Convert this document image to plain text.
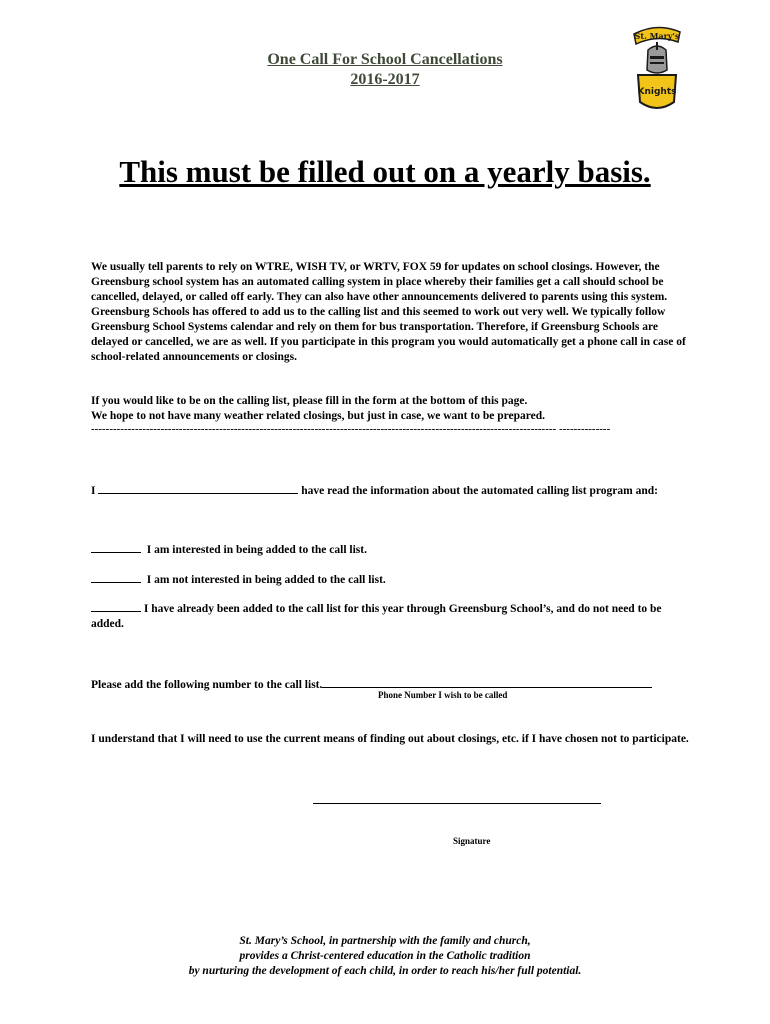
One Call For School Cancellations
2016-2017
St. Mary's
Knights
This must be filled out on a yearly basis.
We usually tell parents to rely on WTRE, WISH TV, or WRTV, FOX 59 for updates on school closings. However, the Greensburg school system has an automated calling system in place whereby their families get a call should school be cancelled, delayed, or called off early. They can also have other announcements delivered to parents using this system. Greensburg Schools has offered to add us to the calling list and this seemed to work out very well. We typically follow Greensburg School Systems calendar and rely on them for bus transportation. Therefore, if Greensburg Schools are delayed or cancelled, we are as well. If you participate in this program you would automatically get a phone call in case of school-related announcements or closings.
If you would like to be on the calling list, please fill in the form at the bottom of this page.
We hope to not have many weather related closings, but just in case, we want to be prepared.
------------------------------------------------------------------------------------------------------------------------------- --------------
I	have read the information about the automated calling list program and:
I am interested in being added to the call list.
I am not interested in being added to the call list.
I have already been added to the call list for this year through Greensburg School’s, and do not need to be added.
Please add the following number to the call list.
Phone Number I wish to be called
I understand that I will need to use the current means of finding out about closings, etc. if I have chosen not to participate.
Signature
St. Mary’s School, in partnership with the family and church,
provides a Christ-centered education in the Catholic tradition
by nurturing the development of each child, in order to reach his/her full potential.
